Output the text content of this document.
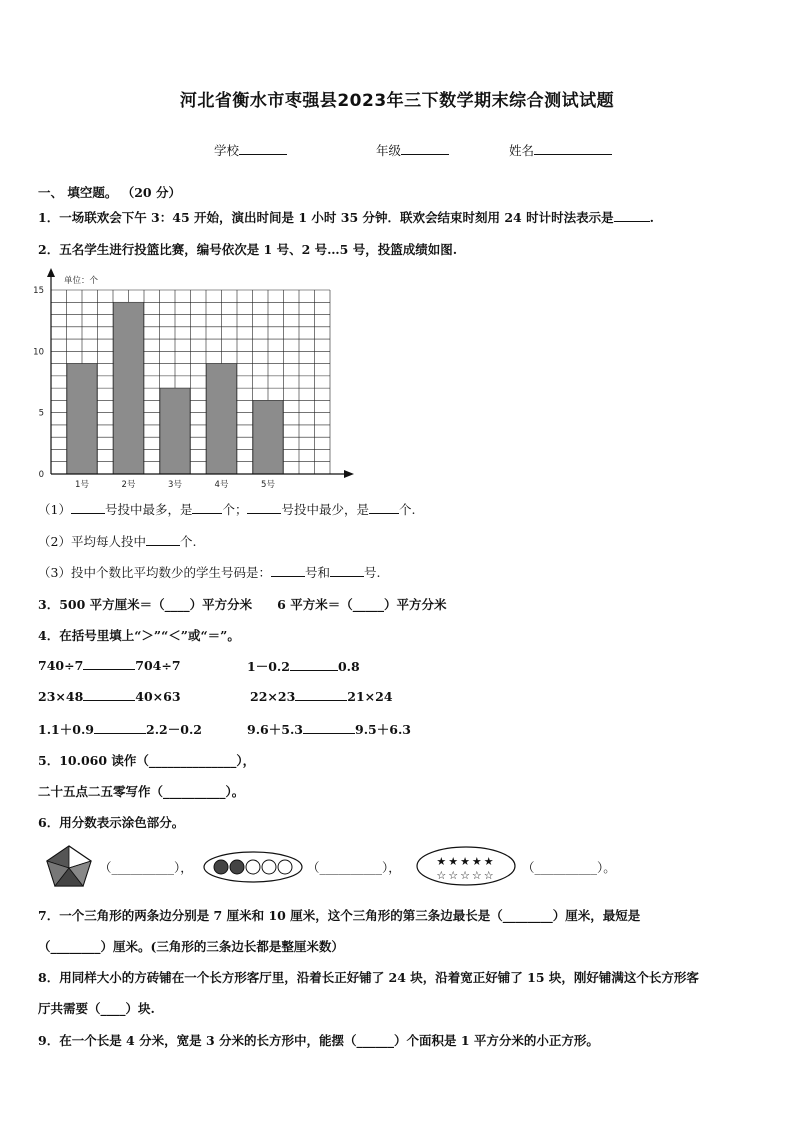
河北省衡水市枣强县2023年三下数学期末综合测试试题
学校	年级	姓名
一、 填空题。 （20 分）
1．一场联欢会下午 3：45 开始，演出时间是 1 小时 35 分钟．联欢会结束时刻用 24 时计时法表示是	.
2．五名学生进行投篮比赛，编号依次是 1 号、2 号…5 号，投篮成绩如图.
1号	2号	3号	4号	5号
0
5
10
15
单位：个
（1）	号投中最多，是 个；	号投中最少，是 个.
（2）平均每人投中	个.
（3）投中个数比平均数少的学生号码是：	号和	号.
3．500 平方厘米＝（____）平方分米　　6 平方米＝（_____）平方分米
4．在括号里填上“＞”“＜”或“＝”。
740÷7	704÷7	1－0.2	0.8
23×48	40×63	22×23	21×24
1.1＋0.9	2.2－0.2	9.6＋5.3	9.5＋6.3
5．10.060 读作（______________），
二十五点二五零写作（__________）。
6．用分数表示涂色部分。
（__________），	（__________），	★★★★★
☆☆☆☆☆
（__________）。
7．一个三角形的两条边分别是 7 厘米和 10 厘米，这个三角形的第三条边最长是（________）厘米，最短是
（________）厘米。(三角形的三条边长都是整厘米数）
8．用同样大小的方砖铺在一个长方形客厅里，沿着长正好铺了 24 块，沿着宽正好铺了 15 块，刚好铺满这个长方形客
厅共需要（____）块.
9．在一个长是 4 分米，宽是 3 分米的长方形中，能摆（______）个面积是 1 平方分米的小正方形。
